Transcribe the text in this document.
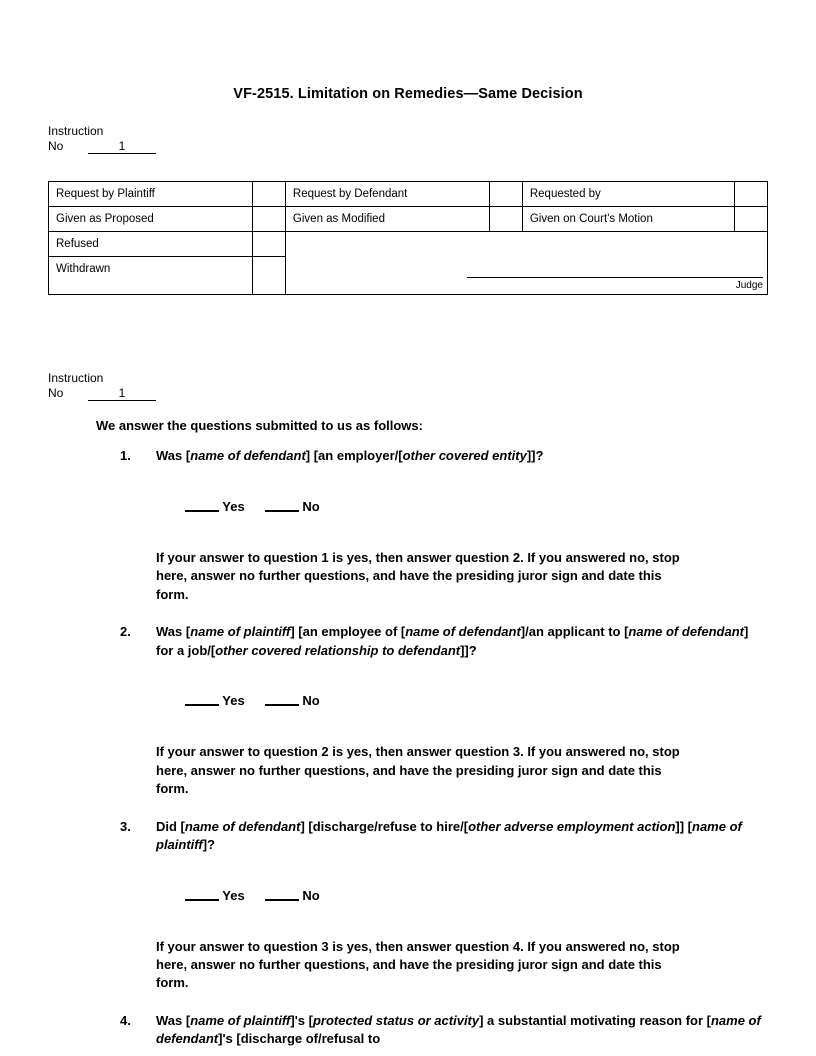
VF-2515. Limitation on Remedies—Same Decision
Instruction
No	1
Request by Plaintiff		Request by Defendant		Requested by	
Given as Proposed		Given as Modified		Given on Court's Motion	
Refused		Judge			

Withdrawn					
Instruction
No	1
We answer the questions submitted to us as follows:
1. Was [name of defendant] [an employer/[other covered entity]]?

Yes	No

If your answer to question 1 is yes, then answer question 2. If you answered no, stop here, answer no further questions, and have the presiding juror sign and date this form.
2. Was [name of plaintiff] [an employee of [name of defendant]/an applicant to [name of defendant] for a job/[other covered relationship to defendant]]?

Yes	No

If your answer to question 2 is yes, then answer question 3. If you answered no, stop here, answer no further questions, and have the presiding juror sign and date this form.
3. Did [name of defendant] [discharge/refuse to hire/[other adverse employment action]] [name of plaintiff]?

Yes	No

If your answer to question 3 is yes, then answer question 4. If you answered no, stop here, answer no further questions, and have the presiding juror sign and date this form.
4. Was [name of plaintiff]'s [protected status or activity] a substantial motivating reason for [name of defendant]'s [discharge of/refusal to
